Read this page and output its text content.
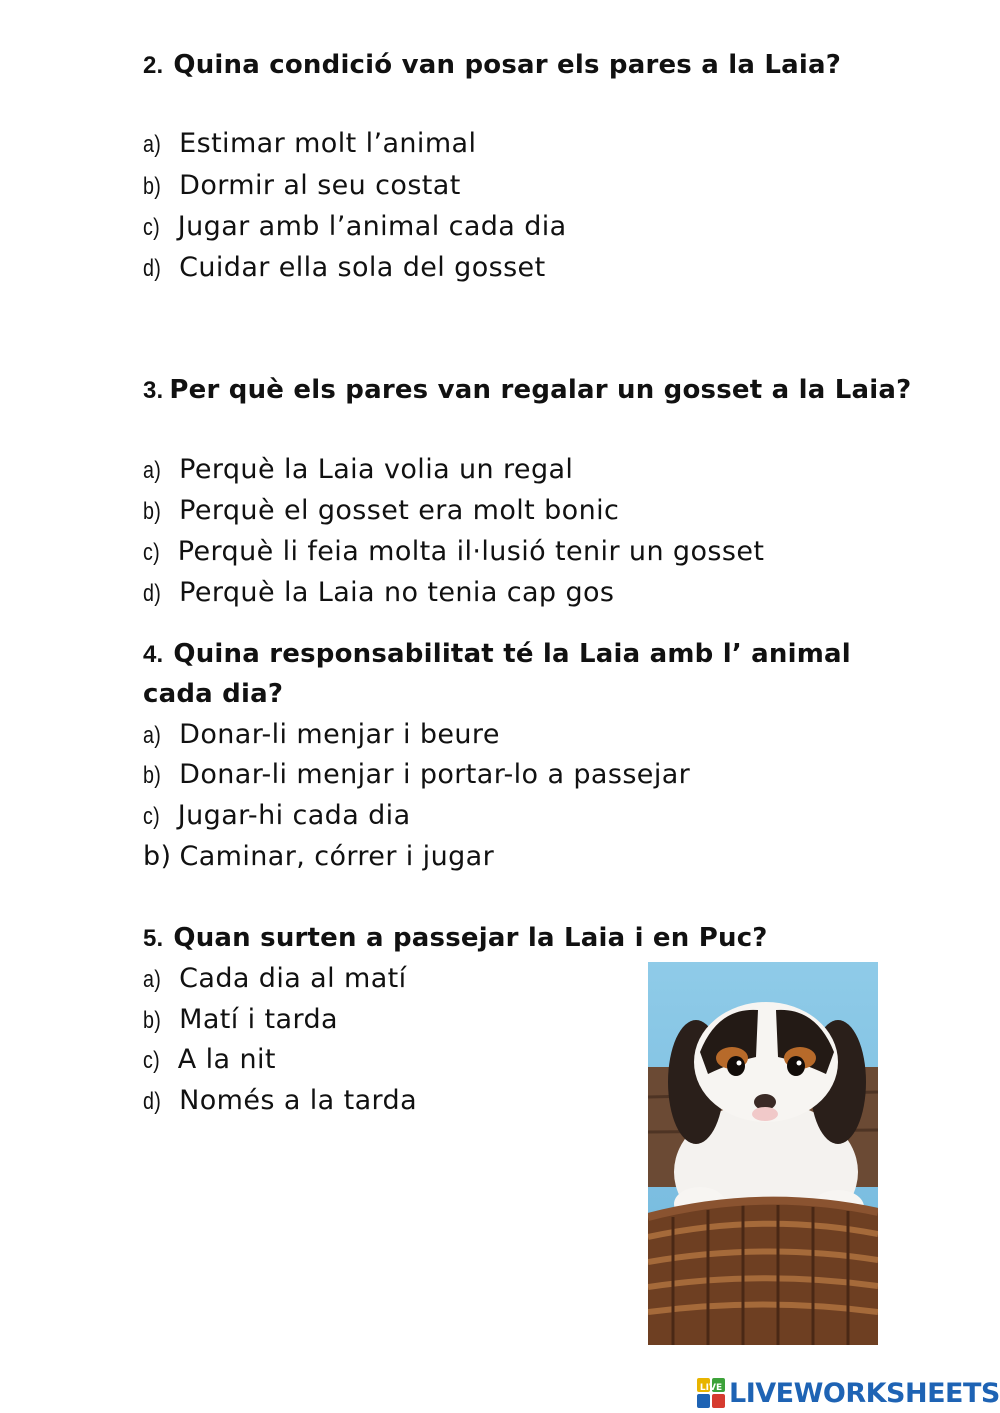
2. Quina condició van posar els pares a la Laia?
a) Estimar molt l’animal
b) Dormir al seu costat
c) Jugar amb l’animal cada dia
d) Cuidar ella sola del gosset
3. Per què els pares van regalar un gosset a la Laia?
a) Perquè la Laia volia un regal
b) Perquè el gosset era molt bonic
c) Perquè li feia molta il·lusió tenir un gosset
d) Perquè la Laia no tenia cap gos
4. Quina responsabilitat té la Laia amb l’ animal
cada dia?
a) Donar-li menjar i beure
b) Donar-li menjar i portar-lo a passejar
c) Jugar-hi cada dia
b) Caminar, córrer i jugar
5. Quan surten a passejar la Laia i en Puc?
a) Cada dia al matí
b) Matí i tarda
c) A la nit
d) Només a la tarda
LIVE LIVEWORKSHEETS
